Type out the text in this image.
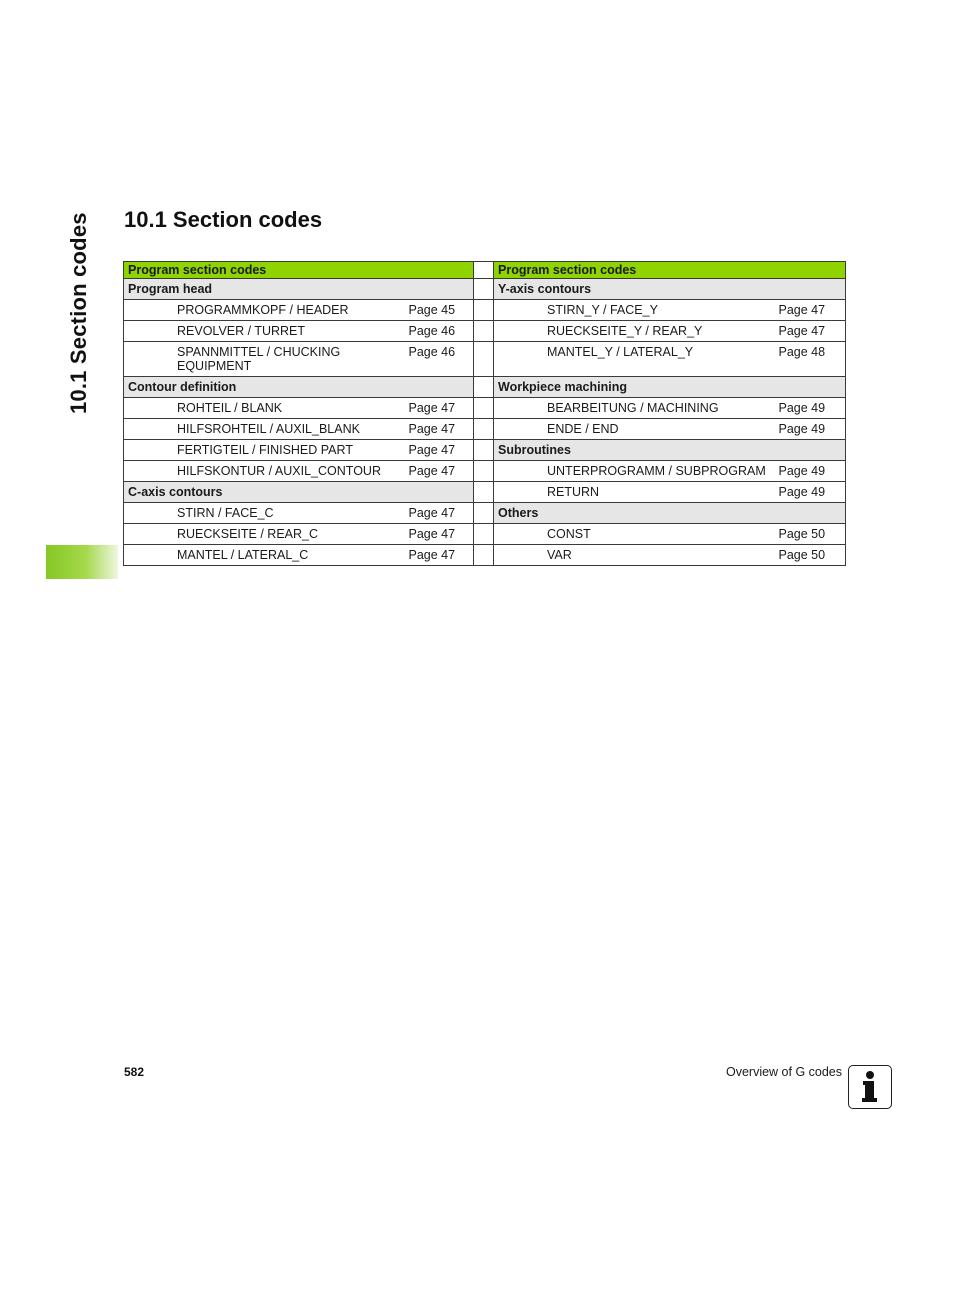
10.1 Section codes 10.1 Section codes
Program section codes			Program section codes	
Program head			Y-axis contours	

PROGRAMMKOPF / HEADER	Page 45		STIRN_Y / FACE_Y	Page 47

REVOLVER / TURRET	Page 46		RUECKSEITE_Y / REAR_Y	Page 47

SPANNMITTEL / CHUCKING EQUIPMENT	Page 46		MANTEL_Y / LATERAL_Y	Page 48
Contour definition			Workpiece machining	

ROHTEIL / BLANK	Page 47		BEARBEITUNG / MACHINING	Page 49

HILFSROHTEIL / AUXIL_BLANK	Page 47		ENDE / END	Page 49

FERTIGTEIL / FINISHED PART	Page 47		Subroutines	

HILFSKONTUR / AUXIL_CONTOUR	Page 47		UNTERPROGRAMM / SUBPROGRAM	Page 49
C-axis contours			RETURN	Page 49

STIRN / FACE_C	Page 47		Others	

RUECKSEITE / REAR_C	Page 47		CONST	Page 50

MANTEL / LATERAL_C	Page 47		VAR	Page 50
582	Overview of G codes
